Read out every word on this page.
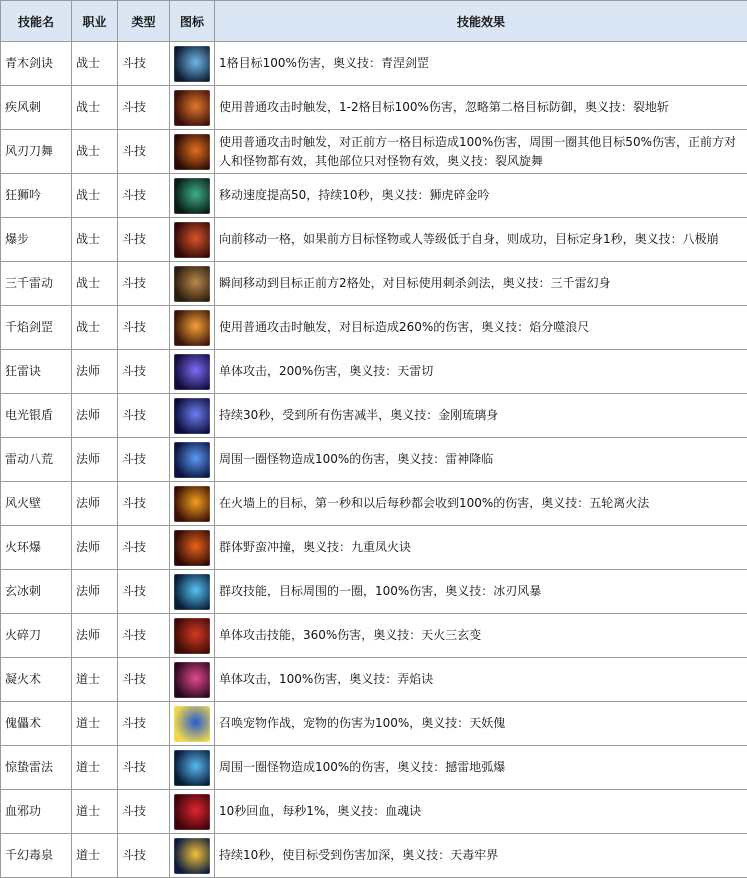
技能名	职业	类型	图标	技能效果
青木剑诀	战士	斗技		1格目标100%伤害，奥义技：青涅剑罡
疾风刺	战士	斗技		使用普通攻击时触发，1-2格目标100%伤害，忽略第二格目标防御，奥义技：裂地斩
风刃刀舞	战士	斗技		使用普通攻击时触发，对正前方一格目标造成100%伤害，周围一圈其他目标50%伤害，正前方对人和怪物都有效，其他部位只对怪物有效，奥义技：裂风旋舞
狂狮吟	战士	斗技		移动速度提高50，持续10秒，奥义技：狮虎碎金吟
爆步	战士	斗技		向前移动一格，如果前方目标怪物或人等级低于自身，则成功，目标定身1秒，奥义技：八极崩
三千雷动	战士	斗技		瞬间移动到目标正前方2格处，对目标使用刺杀剑法，奥义技：三千雷幻身
千焰剑罡	战士	斗技		使用普通攻击时触发，对目标造成260%的伤害，奥义技：焰分噬浪尺
狂雷诀	法师	斗技		单体攻击，200%伤害，奥义技：天雷切
电光银盾	法师	斗技		持续30秒，受到所有伤害减半，奥义技：金刚琉璃身
雷动八荒	法师	斗技		周围一圈怪物造成100%的伤害，奥义技：雷神降临
风火壁	法师	斗技		在火墙上的目标，第一秒和以后每秒都会收到100%的伤害，奥义技：五轮离火法
火环爆	法师	斗技		群体野蛮冲撞，奥义技：九重凤火诀
玄冰刺	法师	斗技		群攻技能，目标周围的一圈，100%伤害，奥义技：冰刃风暴
火碎刀	法师	斗技		单体攻击技能，360%伤害，奥义技：天火三玄变
凝火术	道士	斗技		单体攻击，100%伤害，奥义技：弄焰诀
傀儡术	道士	斗技		召唤宠物作战，宠物的伤害为100%，奥义技：天妖傀
惊蛰雷法	道士	斗技		周围一圈怪物造成100%的伤害，奥义技：撼雷地弧爆
血邪功	道士	斗技		10秒回血，每秒1%，奥义技：血魂诀
千幻毒泉	道士	斗技		持续10秒，使目标受到伤害加深，奥义技：天毒牢界
